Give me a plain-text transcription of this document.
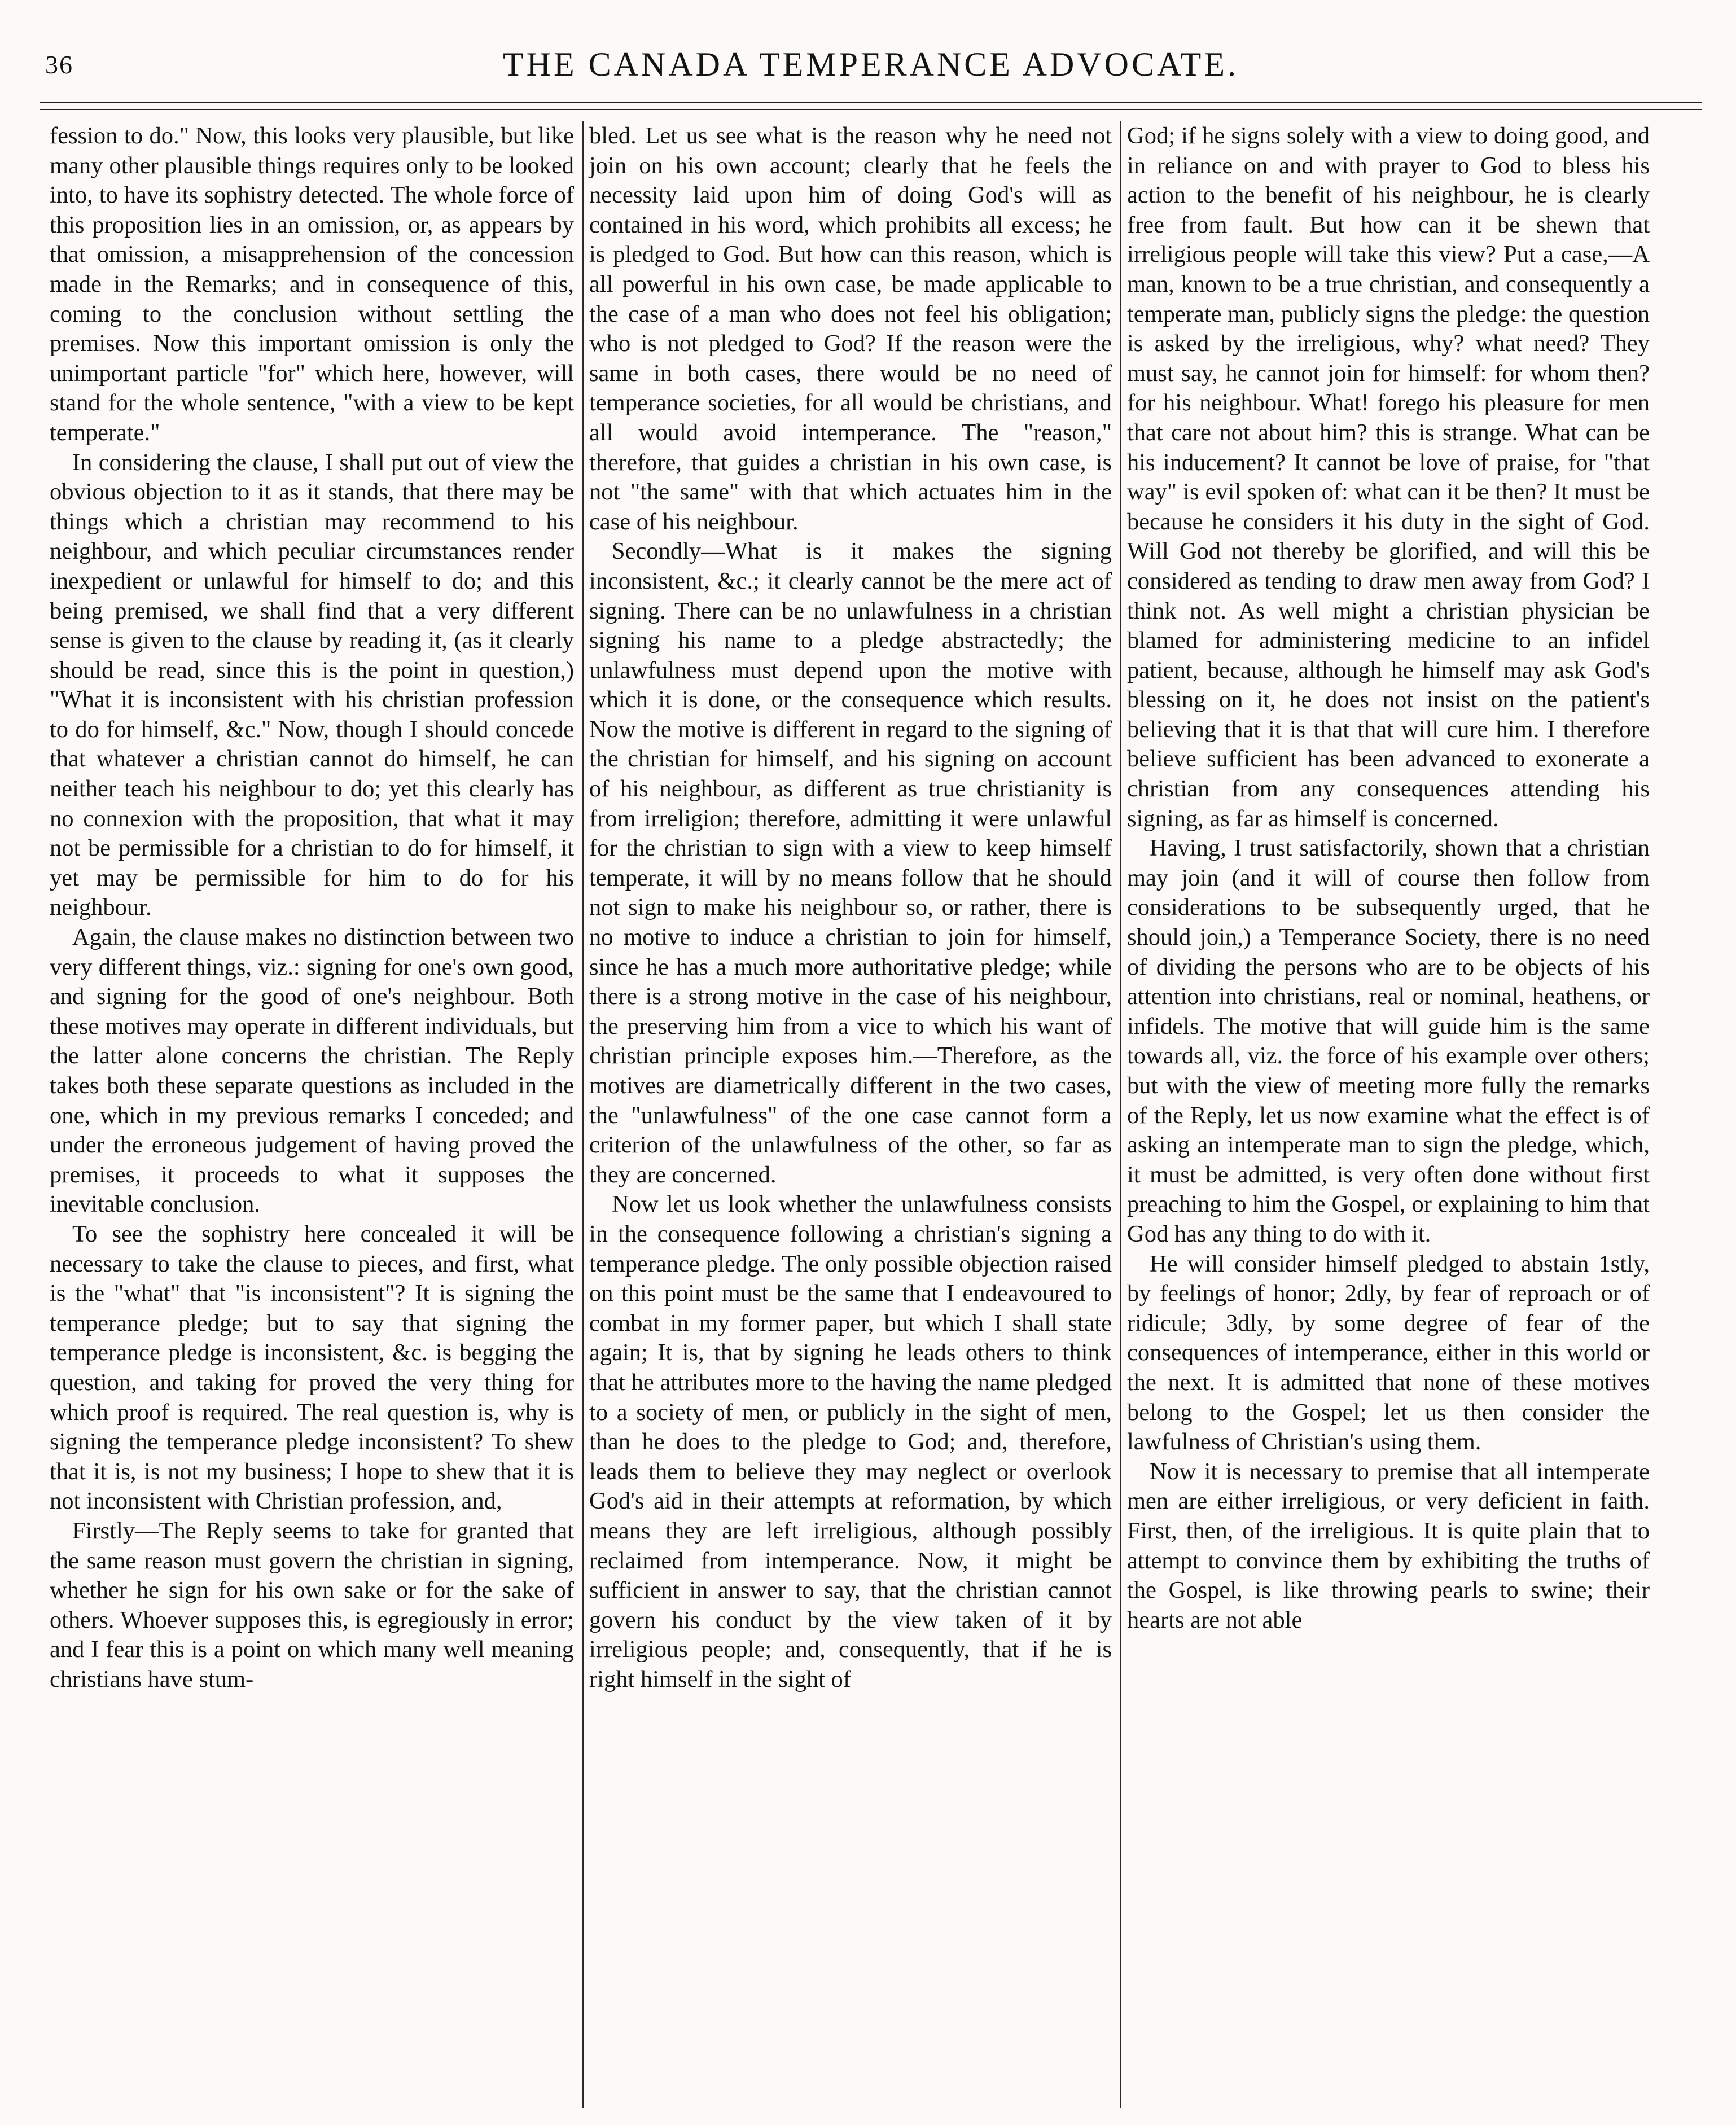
36	THE CANADA TEMPERANCE ADVOCATE.

fession to do." Now, this looks very plausible, but like many other plausible things requires only to be looked into, to have its sophistry detected. The whole force of this proposition lies in an omission, or, as appears by that omission, a misapprehension of the concession made in the Remarks; and in consequence of this, coming to the conclusion without settling the premises. Now this important omission is only the unimportant particle "for" which here, however, will stand for the whole sentence, "with a view to be kept temperate."

In considering the clause, I shall put out of view the obvious objection to it as it stands, that there may be things which a christian may recommend to his neighbour, and which peculiar circumstances render inexpedient or unlawful for himself to do; and this being premised, we shall find that a very different sense is given to the clause by reading it, (as it clearly should be read, since this is the point in question,) "What it is inconsistent with his christian profession to do for himself, &c." Now, though I should concede that whatever a christian cannot do himself, he can neither teach his neighbour to do; yet this clearly has no connexion with the proposition, that what it may not be permissible for a christian to do for himself, it yet may be permissible for him to do for his neighbour.

Again, the clause makes no distinction between two very different things, viz.: signing for one's own good, and signing for the good of one's neighbour. Both these motives may operate in different individuals, but the latter alone concerns the christian. The Reply takes both these separate questions as included in the one, which in my previous remarks I conceded; and under the erroneous judgement of having proved the premises, it proceeds to what it supposes the inevitable conclusion.

To see the sophistry here concealed it will be necessary to take the clause to pieces, and first, what is the "what" that "is inconsistent"? It is signing the temperance pledge; but to say that signing the temperance pledge is inconsistent, &c. is begging the question, and taking for proved the very thing for which proof is required. The real question is, why is signing the temperance pledge inconsistent? To shew that it is, is not my business; I hope to shew that it is not inconsistent with Christian profession, and,

Firstly—The Reply seems to take for granted that the same reason must govern the christian in signing, whether he sign for his own sake or for the sake of others. Whoever supposes this, is egregiously in error; and I fear this is a point on which many well meaning christians have stum-

bled. Let us see what is the reason why he need not join on his own account; clearly that he feels the necessity laid upon him of doing God's will as contained in his word, which prohibits all excess; he is pledged to God. But how can this reason, which is all powerful in his own case, be made applicable to the case of a man who does not feel his obligation; who is not pledged to God? If the reason were the same in both cases, there would be no need of temperance societies, for all would be christians, and all would avoid intemperance. The "reason," therefore, that guides a christian in his own case, is not "the same" with that which actuates him in the case of his neighbour.

Secondly—What is it makes the signing inconsistent, &c.; it clearly cannot be the mere act of signing. There can be no unlawfulness in a christian signing his name to a pledge abstractedly; the unlawfulness must depend upon the motive with which it is done, or the consequence which results. Now the motive is different in regard to the signing of the christian for himself, and his signing on account of his neighbour, as different as true christianity is from irreligion; therefore, admitting it were unlawful for the christian to sign with a view to keep himself temperate, it will by no means follow that he should not sign to make his neighbour so, or rather, there is no motive to induce a christian to join for himself, since he has a much more authoritative pledge; while there is a strong motive in the case of his neighbour, the preserving him from a vice to which his want of christian principle exposes him.—Therefore, as the motives are diametrically different in the two cases, the "unlawfulness" of the one case cannot form a criterion of the unlawfulness of the other, so far as they are concerned.

Now let us look whether the unlawfulness consists in the consequence following a christian's signing a temperance pledge. The only possible objection raised on this point must be the same that I endeavoured to combat in my former paper, but which I shall state again; It is, that by signing he leads others to think that he attributes more to the having the name pledged to a society of men, or publicly in the sight of men, than he does to the pledge to God; and, therefore, leads them to believe they may neglect or overlook God's aid in their attempts at reformation, by which means they are left irreligious, although possibly reclaimed from intemperance. Now, it might be sufficient in answer to say, that the christian cannot govern his conduct by the view taken of it by irreligious people; and, consequently, that if he is right himself in the sight of

God; if he signs solely with a view to doing good, and in reliance on and with prayer to God to bless his action to the benefit of his neighbour, he is clearly free from fault. But how can it be shewn that irreligious people will take this view? Put a case,—A man, known to be a true christian, and consequently a temperate man, publicly signs the pledge: the question is asked by the irreligious, why? what need? They must say, he cannot join for himself: for whom then? for his neighbour. What! forego his pleasure for men that care not about him? this is strange. What can be his inducement? It cannot be love of praise, for "that way" is evil spoken of: what can it be then? It must be because he considers it his duty in the sight of God. Will God not thereby be glorified, and will this be considered as tending to draw men away from God? I think not. As well might a christian physician be blamed for administering medicine to an infidel patient, because, although he himself may ask God's blessing on it, he does not insist on the patient's believing that it is that that will cure him. I therefore believe sufficient has been advanced to exonerate a christian from any consequences attending his signing, as far as himself is concerned.

Having, I trust satisfactorily, shown that a christian may join (and it will of course then follow from considerations to be subsequently urged, that he should join,) a Temperance Society, there is no need of dividing the persons who are to be objects of his attention into christians, real or nominal, heathens, or infidels. The motive that will guide him is the same towards all, viz. the force of his example over others; but with the view of meeting more fully the remarks of the Reply, let us now examine what the effect is of asking an intemperate man to sign the pledge, which, it must be admitted, is very often done without first preaching to him the Gospel, or explaining to him that God has any thing to do with it.

He will consider himself pledged to abstain 1stly, by feelings of honor; 2dly, by fear of reproach or of ridicule; 3dly, by some degree of fear of the consequences of intemperance, either in this world or the next. It is admitted that none of these motives belong to the Gospel; let us then consider the lawfulness of Christian's using them.

Now it is necessary to premise that all intemperate men are either irreligious, or very deficient in faith. First, then, of the irreligious. It is quite plain that to attempt to convince them by exhibiting the truths of the Gospel, is like throwing pearls to swine; their hearts are not able
